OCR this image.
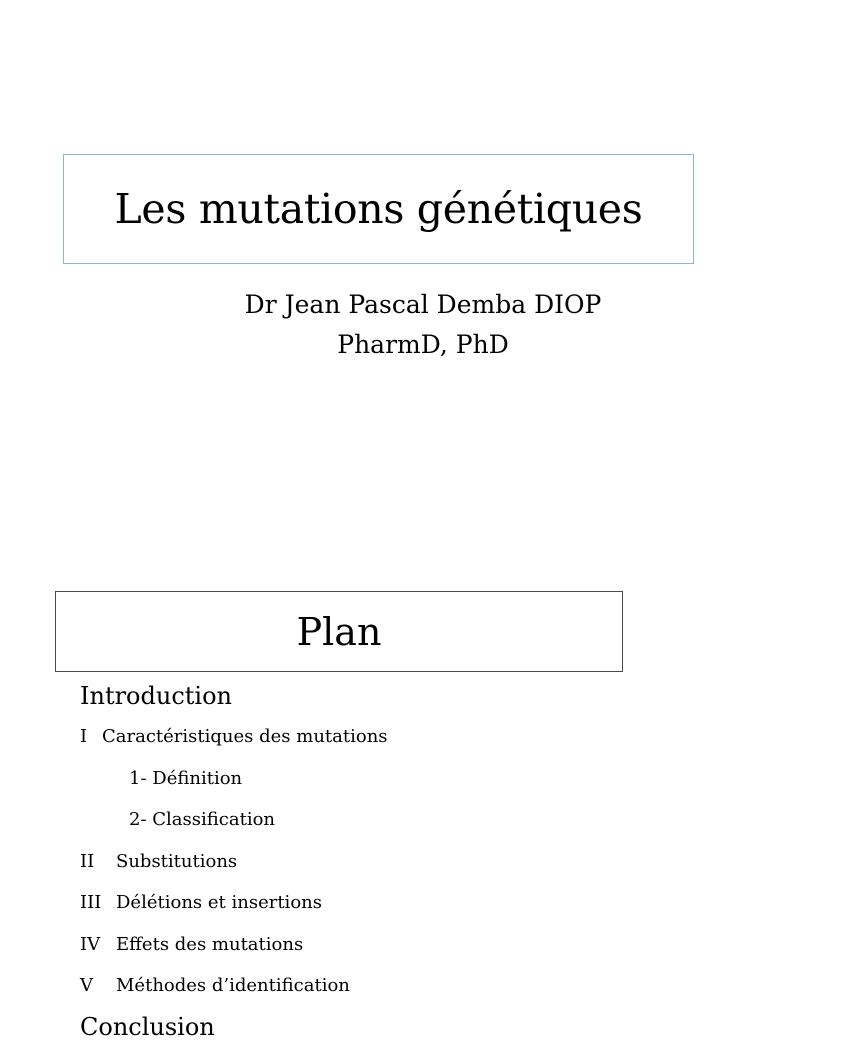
Les mutations génétiques
Dr Jean Pascal Demba DIOP
PharmD, PhD
Plan
Introduction
I Caractéristiques des mutations
1- Définition
2- Classification
II Substitutions
III Délétions et insertions
IV Effets des mutations
V Méthodes d’identification
Conclusion
